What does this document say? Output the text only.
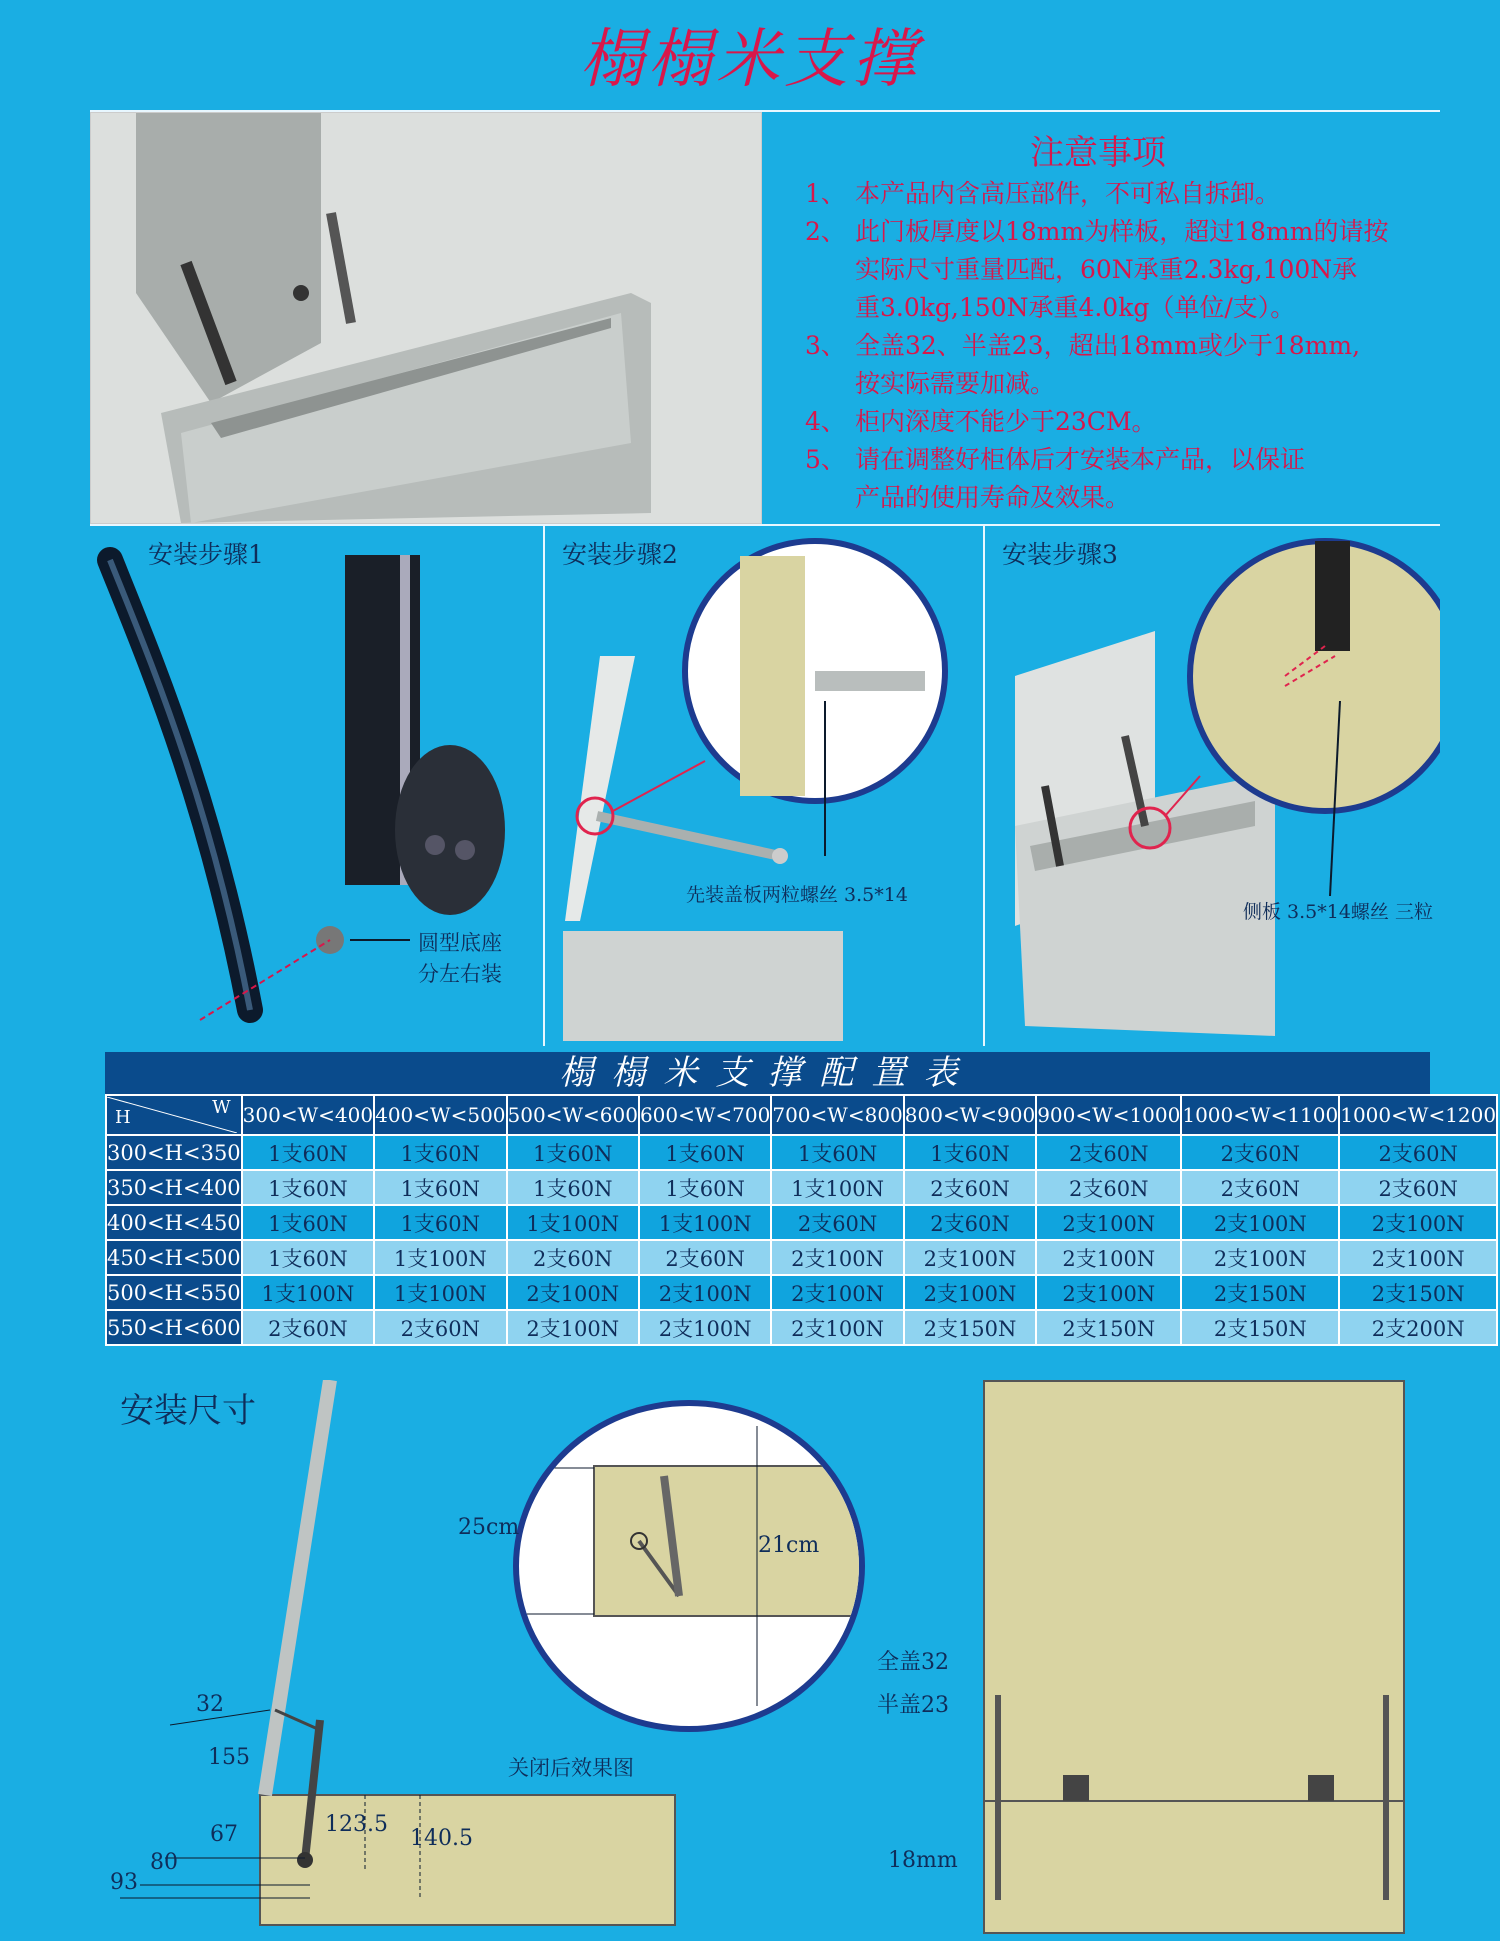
榻榻米支撑
注意事项
1、 本产品内含高压部件，不可私自拆卸。
2、 此门板厚度以18mm为样板，超过18mm的请按
实际尺寸重量匹配，60N承重2.3kg,100N承
重3.0kg,150N承重4.0kg（单位/支）。
3、 全盖32、半盖23，超出18mm或少于18mm,
按实际需要加减。
4、 柜内深度不能少于23CM。
5、 请在调整好柜体后才安装本产品，以保证
产品的使用寿命及效果。
安装步骤1
圆型底座
分左右装
安装步骤2
先装盖板两粒螺丝 3.5*14
安装步骤3
侧板 3.5*14螺丝 三粒
榻榻米支撑配置表
H W	300<W<400	400<W<500	500<W<600	600<W<700	700<W<800	800<W<900	900<W<1000	1000<W<1100	1000<W<1200
300<H<350	1支60N	1支60N	1支60N	1支60N	1支60N	1支60N	2支60N	2支60N	2支60N
350<H<400	1支60N	1支60N	1支60N	1支60N	1支100N	2支60N	2支60N	2支60N	2支60N
400<H<450	1支60N	1支60N	1支100N	1支100N	2支60N	2支60N	2支100N	2支100N	2支100N
450<H<500	1支60N	1支100N	2支60N	2支60N	2支100N	2支100N	2支100N	2支100N	2支100N
500<H<550	1支100N	1支100N	2支100N	2支100N	2支100N	2支100N	2支100N	2支150N	2支150N
550<H<600	2支60N	2支60N	2支100N	2支100N	2支100N	2支150N	2支150N	2支150N	2支200N
安装尺寸
32
155
67
80
93
123.5
140.5
25cm
21cm
关闭后效果图
全盖32
半盖23
18mm
